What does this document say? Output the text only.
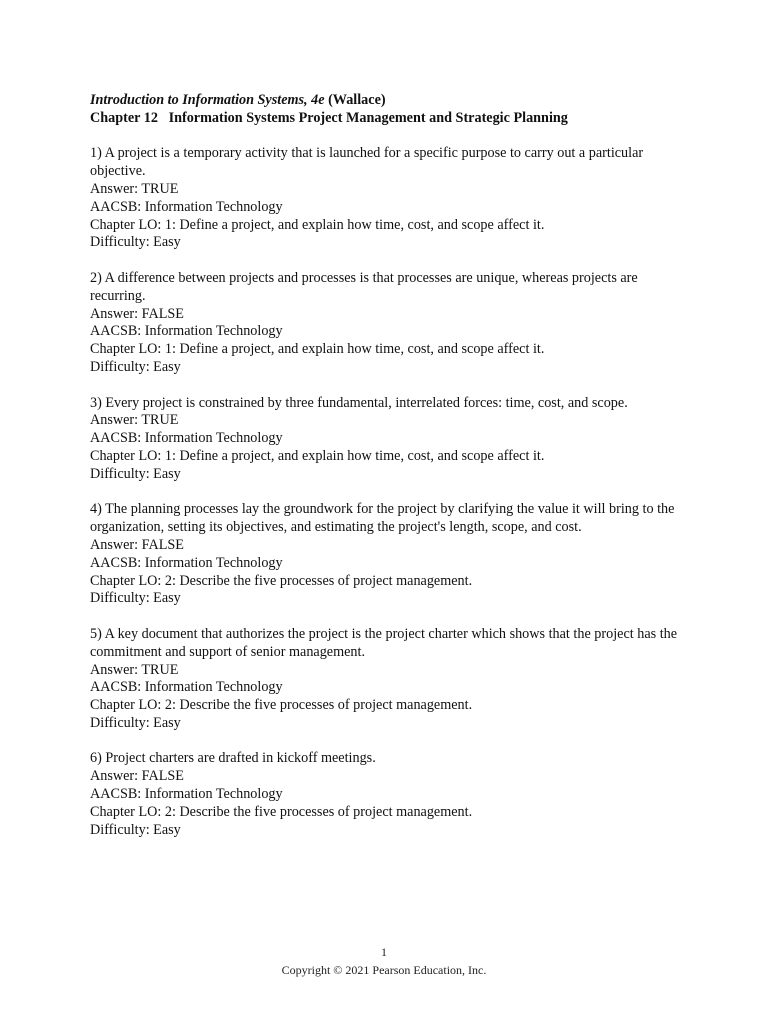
Introduction to Information Systems, 4e (Wallace)
Chapter 12 Information Systems Project Management and Strategic Planning
1) A project is a temporary activity that is launched for a specific purpose to carry out a particular objective.
Answer: TRUE
AACSB: Information Technology
Chapter LO: 1: Define a project, and explain how time, cost, and scope affect it.
Difficulty: Easy
2) A difference between projects and processes is that processes are unique, whereas projects are recurring.
Answer: FALSE
AACSB: Information Technology
Chapter LO: 1: Define a project, and explain how time, cost, and scope affect it.
Difficulty: Easy
3) Every project is constrained by three fundamental, interrelated forces: time, cost, and scope.
Answer: TRUE
AACSB: Information Technology
Chapter LO: 1: Define a project, and explain how time, cost, and scope affect it.
Difficulty: Easy
4) The planning processes lay the groundwork for the project by clarifying the value it will bring to the organization, setting its objectives, and estimating the project's length, scope, and cost.
Answer: FALSE
AACSB: Information Technology
Chapter LO: 2: Describe the five processes of project management.
Difficulty: Easy
5) A key document that authorizes the project is the project charter which shows that the project has the commitment and support of senior management.
Answer: TRUE
AACSB: Information Technology
Chapter LO: 2: Describe the five processes of project management.
Difficulty: Easy
6) Project charters are drafted in kickoff meetings.
Answer: FALSE
AACSB: Information Technology
Chapter LO: 2: Describe the five processes of project management.
Difficulty: Easy
1
Copyright © 2021 Pearson Education, Inc.
